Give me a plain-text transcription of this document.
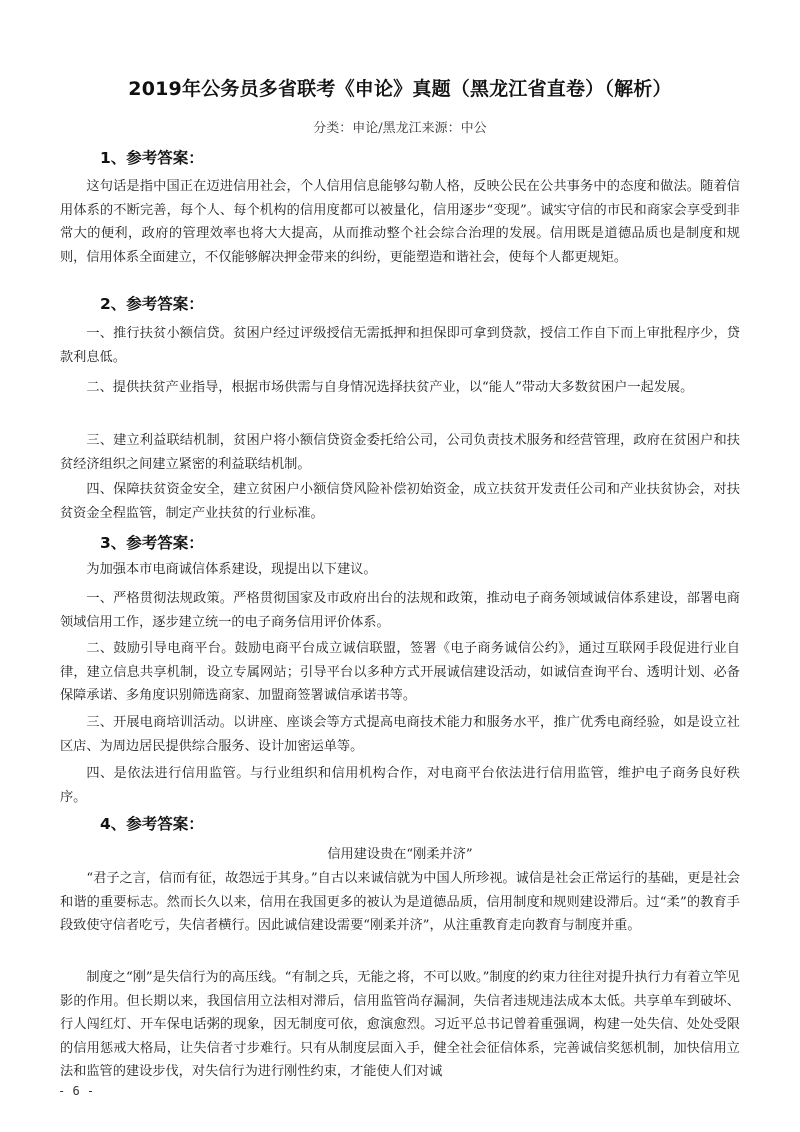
2019年公务员多省联考《申论》真题（黑龙江省直卷）（解析）
分类：申论/黑龙江来源：中公
1、参考答案：
这句话是指中国正在迈进信用社会，个人信用信息能够勾勒人格，反映公民在公共事务中的态度和做法。随着信用体系的不断完善，每个人、每个机构的信用度都可以被量化，信用逐步“变现”。诚实守信的市民和商家会享受到非常大的便利，政府的管理效率也将大大提高，从而推动整个社会综合治理的发展。信用既是道德品质也是制度和规则，信用体系全面建立，不仅能够解决押金带来的纠纷，更能塑造和谐社会，使每个人都更规矩。
2、参考答案：
一、推行扶贫小额信贷。贫困户经过评级授信无需抵押和担保即可拿到贷款，授信工作自下而上审批程序少，贷款利息低。
二、提供扶贫产业指导，根据市场供需与自身情况选择扶贫产业，以“能人”带动大多数贫困户一起发展。
三、建立利益联结机制，贫困户将小额信贷资金委托给公司，公司负责技术服务和经营管理，政府在贫困户和扶贫经济组织之间建立紧密的利益联结机制。
四、保障扶贫资金安全，建立贫困户小额信贷风险补偿初始资金，成立扶贫开发责任公司和产业扶贫协会，对扶贫资金全程监管，制定产业扶贫的行业标准。
3、参考答案：
为加强本市电商诚信体系建设，现提出以下建议。
一、严格贯彻法规政策。严格贯彻国家及市政府出台的法规和政策，推动电子商务领域诚信体系建设，部署电商领域信用工作，逐步建立统一的电子商务信用评价体系。
二、鼓励引导电商平台。鼓励电商平台成立诚信联盟，签署《电子商务诚信公约》，通过互联网手段促进行业自律，建立信息共享机制，设立专属网站；引导平台以多种方式开展诚信建设活动，如诚信查询平台、透明计划、必备保障承诺、多角度识别筛选商家、加盟商签署诚信承诺书等。
三、开展电商培训活动。以讲座、座谈会等方式提高电商技术能力和服务水平，推广优秀电商经验，如是设立社区店、为周边居民提供综合服务、设计加密运单等。
四、是依法进行信用监管。与行业组织和信用机构合作，对电商平台依法进行信用监管，维护电子商务良好秩序。
4、参考答案：
信用建设贵在“刚柔并济”
“君子之言，信而有征，故怨远于其身。”自古以来诚信就为中国人所珍视。诚信是社会正常运行的基础，更是社会和谐的重要标志。然而长久以来，信用在我国更多的被认为是道德品质，信用制度和规则建设滞后。过“柔”的教育手段致使守信者吃亏，失信者横行。因此诚信建设需要“刚柔并济”，从注重教育走向教育与制度并重。
制度之“刚”是失信行为的高压线。“有制之兵，无能之将，不可以败。”制度的约束力往往对提升执行力有着立竿见影的作用。但长期以来，我国信用立法相对滞后，信用监管尚存漏洞，失信者违规违法成本太低。共享单车到破坏、行人闯红灯、开车保电话粥的现象，因无制度可依，愈演愈烈。习近平总书记曾着重强调，构建一处失信、处处受限的信用惩戒大格局，让失信者寸步难行。只有从制度层面入手，健全社会征信体系，完善诚信奖惩机制，加快信用立法和监管的建设步伐，对失信行为进行刚性约束，才能使人们对诚
- 6 -
